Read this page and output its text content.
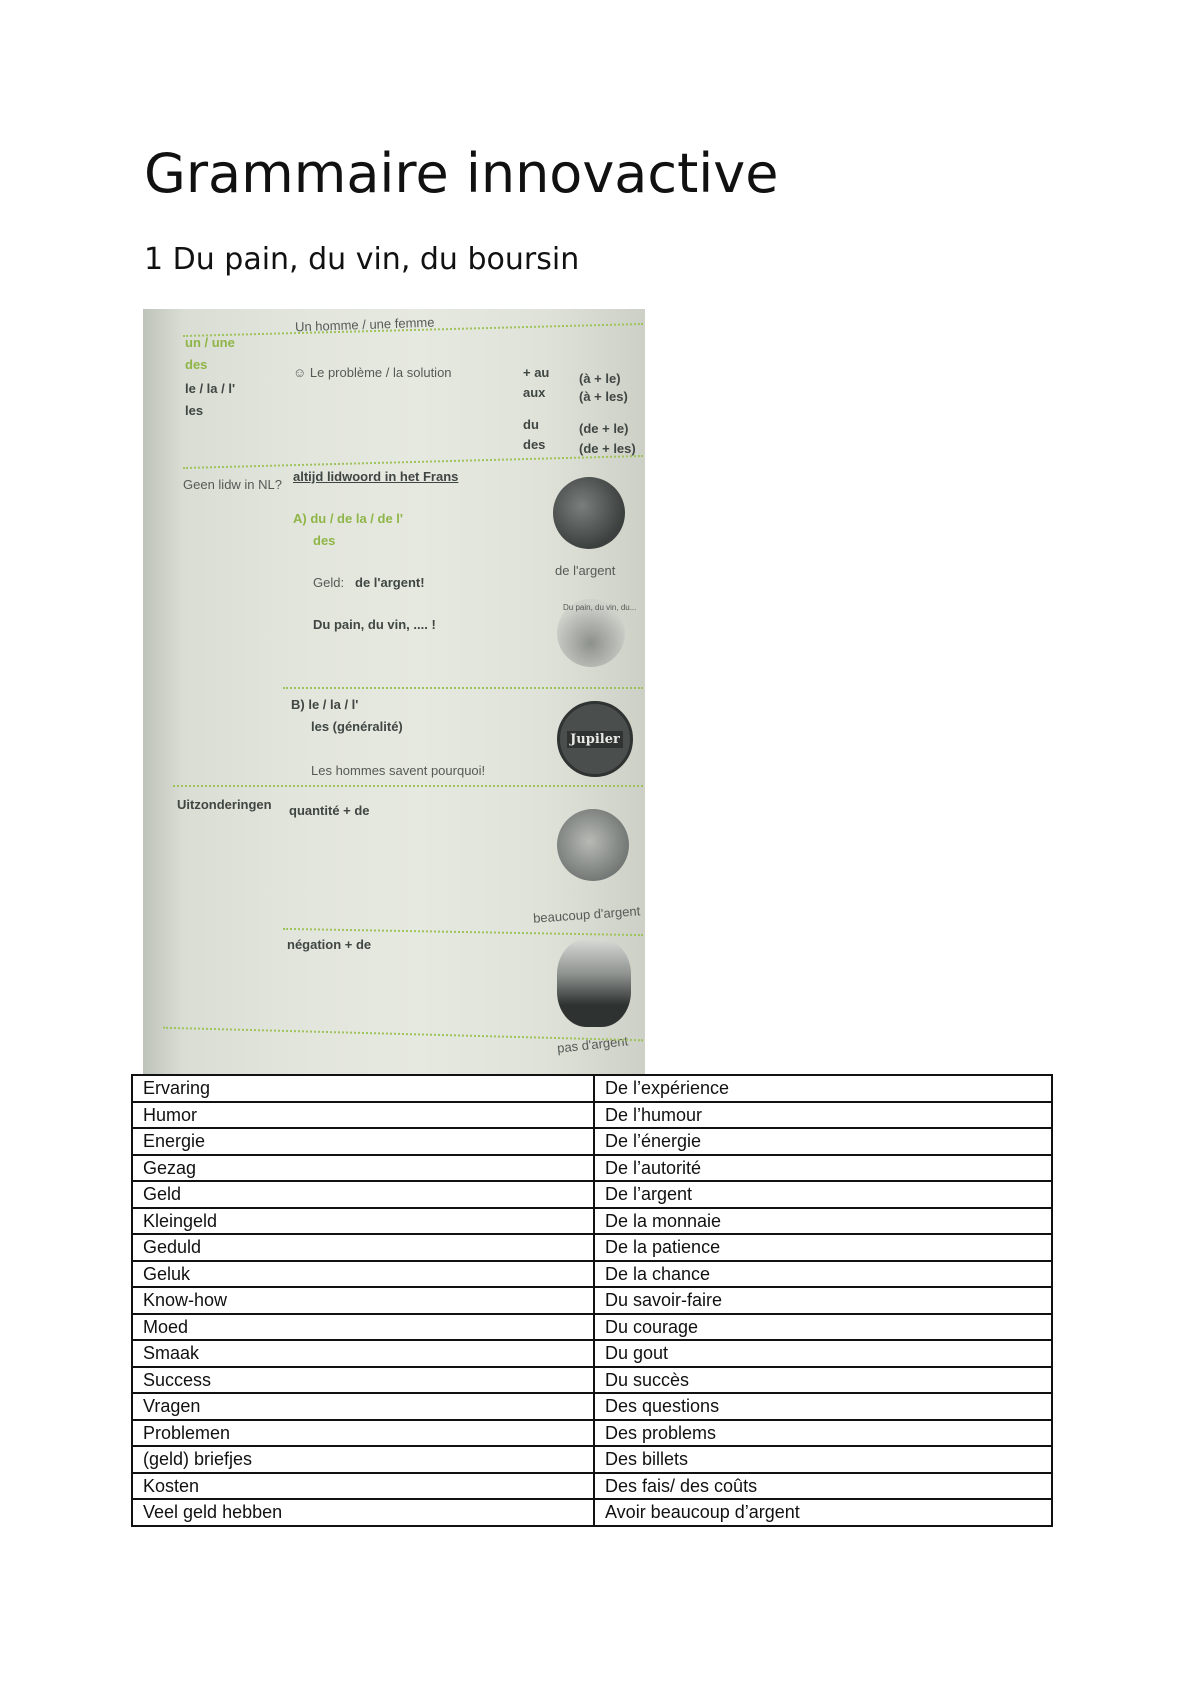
Grammaire innovactive
1 Du pain, du vin, du boursin
un / une
Un homme / une femme
des
le / la / l'
☺ Le problème / la solution
les
+ au
aux
du
des
(à + le)
(à + les)
(de + le)
(de + les)
Geen lidw in NL?
altijd lidwoord in het Frans
A) du / de la / de l'
des
Geld: de l'argent!
Du pain, du vin, .... !
de l'argent
Du pain, du vin, du...
B) le / la / l'
les (généralité)
Les hommes savent pourquoi!
Jupiler
Uitzonderingen quantité + de
beaucoup d'argent
négation + de
pas d'argent
Ervaring	De l’expérience
Humor	De l’humour
Energie	De l’énergie
Gezag	De l’autorité
Geld	De l’argent
Kleingeld	De la monnaie
Geduld	De la patience
Geluk	De la chance
Know-how	Du savoir-faire
Moed	Du courage
Smaak	Du gout
Success	Du succès
Vragen	Des questions
Problemen	Des problems
(geld) briefjes	Des billets
Kosten	Des fais/ des coûts
Veel geld hebben	Avoir beaucoup d’argent
